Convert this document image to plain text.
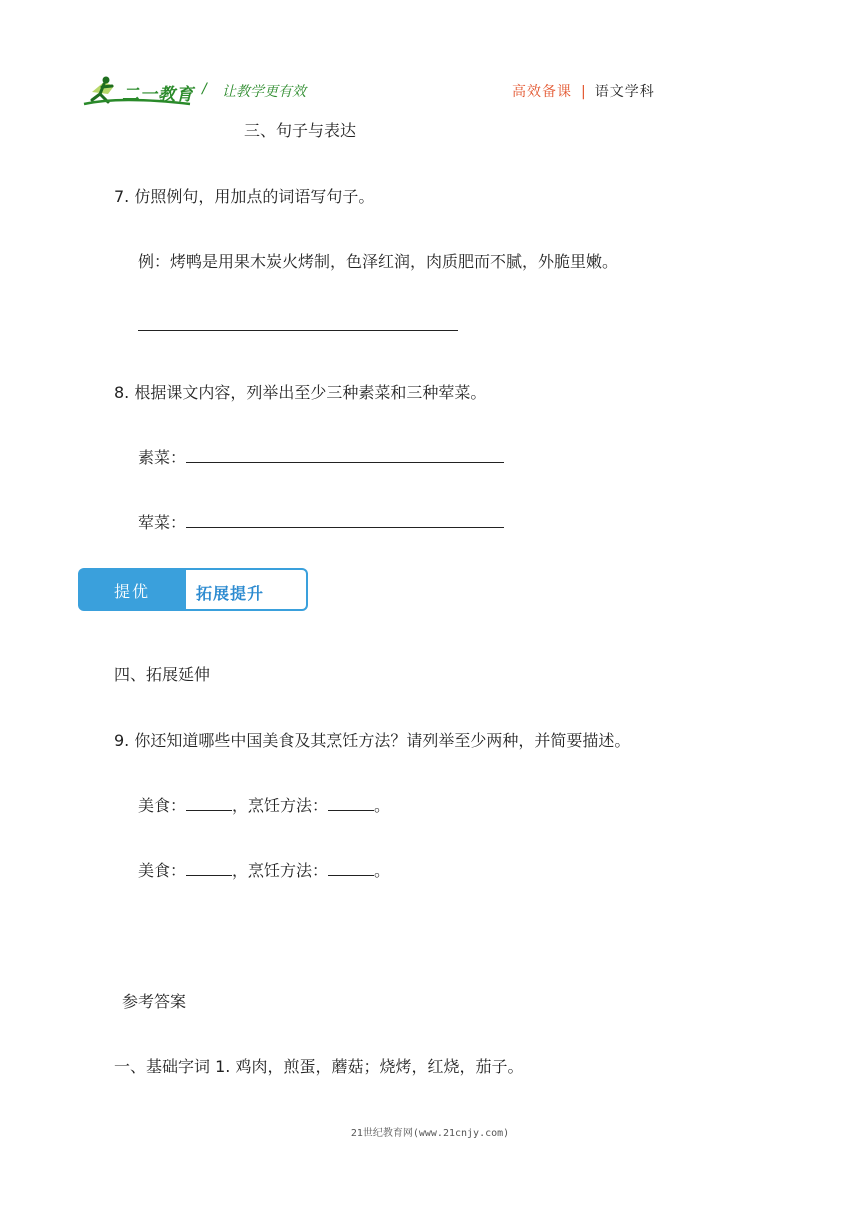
二一教育 / 让教学更有效	高效备课 | 语文学科
三、句子与表达
7. 仿照例句，用加点的词语写句子。
例：烤鸭是用果木炭火烤制，色泽红润，肉质肥而不腻，外脆里嫩。
8. 根据课文内容，列举出至少三种素菜和三种荤菜。
素菜：
荤菜：
提优	拓展提升
四、拓展延伸
9. 你还知道哪些中国美食及其烹饪方法？请列举至少两种，并简要描述。
美食：	，烹饪方法：	。
美食：	，烹饪方法：	。
参考答案
一、基础字词 1. 鸡肉，煎蛋，蘑菇；烧烤，红烧，茄子。
21世纪教育网(www.21cnjy.com)
